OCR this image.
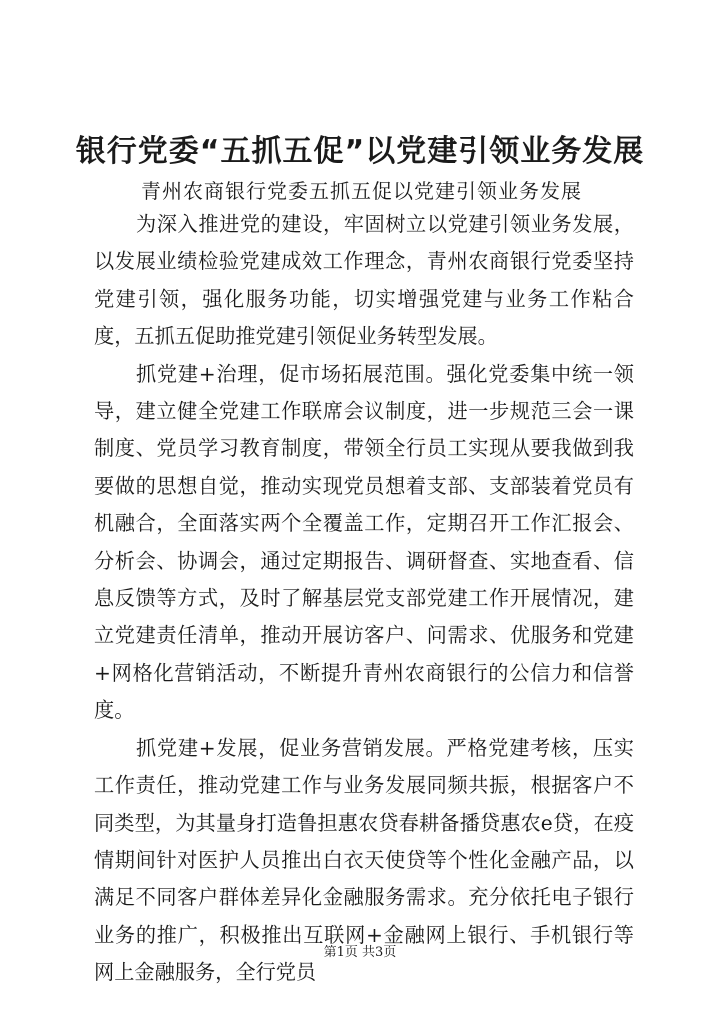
银行党委“五抓五促”以党建引领业务发展
青州农商银行党委五抓五促以党建引领业务发展

为深入推进党的建设，牢固树立以党建引领业务发展，以发展业绩检验党建成效工作理念，青州农商银行党委坚持党建引领，强化服务功能，切实增强党建与业务工作粘合度，五抓五促助推党建引领促业务转型发展。

抓党建+治理，促市场拓展范围。强化党委集中统一领导，建立健全党建工作联席会议制度，进一步规范三会一课制度、党员学习教育制度，带领全行员工实现从要我做到我要做的思想自觉，推动实现党员想着支部、支部装着党员有机融合，全面落实两个全覆盖工作，定期召开工作汇报会、分析会、协调会，通过定期报告、调研督查、实地查看、信息反馈等方式，及时了解基层党支部党建工作开展情况，建立党建责任清单，推动开展访客户、问需求、优服务和党建+网格化营销活动，不断提升青州农商银行的公信力和信誉度。

抓党建+发展，促业务营销发展。严格党建考核，压实工作责任，推动党建工作与业务发展同频共振，根据客户不同类型，为其量身打造鲁担惠农贷春耕备播贷惠农e贷，在疫情期间针对医护人员推出白衣天使贷等个性化金融产品，以满足不同客户群体差异化金融服务需求。充分依托电子银行业务的推广，积极推出互联网+金融网上银行、手机银行等网上金融服务，全行党员

第1页 共3页
